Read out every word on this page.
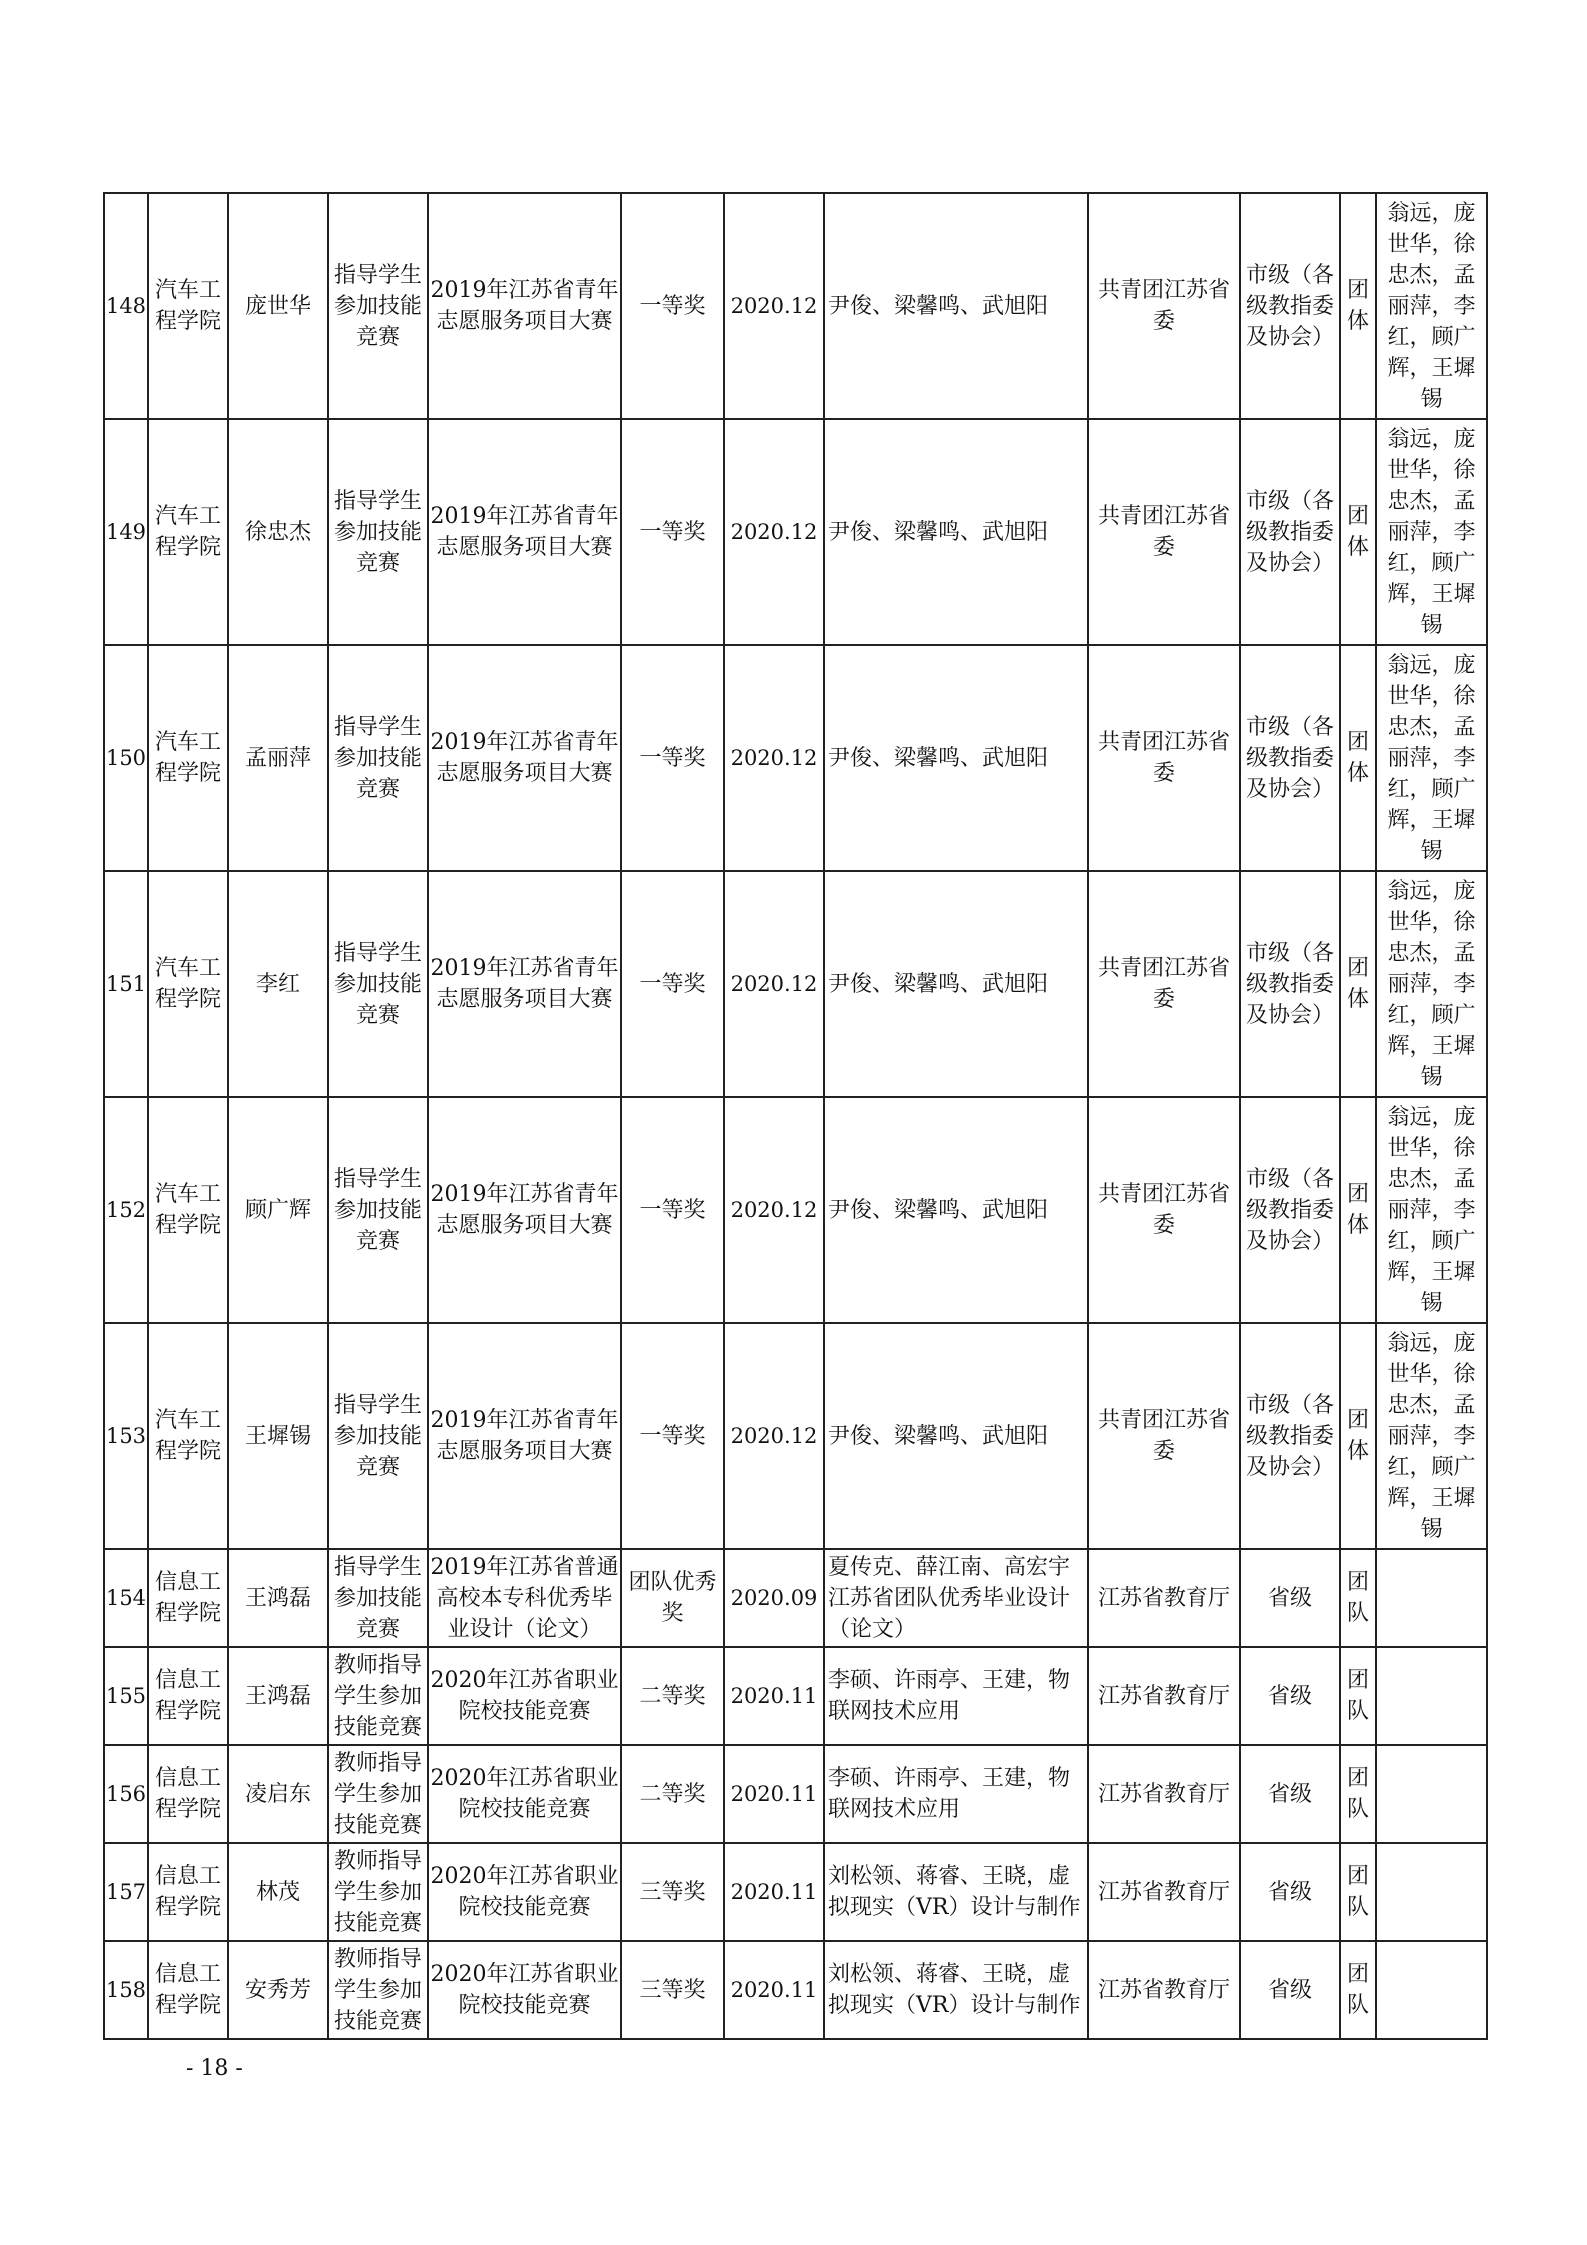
148	汽车工程学院	庞世华	指导学生参加技能竞赛	2019年江苏省青年志愿服务项目大赛	一等奖	2020.12	尹俊、梁馨鸣、武旭阳	共青团江苏省委	市级（各级教指委及协会）	团体	翁远，庞世华，徐忠杰，孟丽萍，李红，顾广辉，王墀锡
149	汽车工程学院	徐忠杰	指导学生参加技能竞赛	2019年江苏省青年志愿服务项目大赛	一等奖	2020.12	尹俊、梁馨鸣、武旭阳	共青团江苏省委	市级（各级教指委及协会）	团体	翁远，庞世华，徐忠杰，孟丽萍，李红，顾广辉，王墀锡
150	汽车工程学院	孟丽萍	指导学生参加技能竞赛	2019年江苏省青年志愿服务项目大赛	一等奖	2020.12	尹俊、梁馨鸣、武旭阳	共青团江苏省委	市级（各级教指委及协会）	团体	翁远，庞世华，徐忠杰，孟丽萍，李红，顾广辉，王墀锡
151	汽车工程学院	李红	指导学生参加技能竞赛	2019年江苏省青年志愿服务项目大赛	一等奖	2020.12	尹俊、梁馨鸣、武旭阳	共青团江苏省委	市级（各级教指委及协会）	团体	翁远，庞世华，徐忠杰，孟丽萍，李红，顾广辉，王墀锡
152	汽车工程学院	顾广辉	指导学生参加技能竞赛	2019年江苏省青年志愿服务项目大赛	一等奖	2020.12	尹俊、梁馨鸣、武旭阳	共青团江苏省委	市级（各级教指委及协会）	团体	翁远，庞世华，徐忠杰，孟丽萍，李红，顾广辉，王墀锡
153	汽车工程学院	王墀锡	指导学生参加技能竞赛	2019年江苏省青年志愿服务项目大赛	一等奖	2020.12	尹俊、梁馨鸣、武旭阳	共青团江苏省委	市级（各级教指委及协会）	团体	翁远，庞世华，徐忠杰，孟丽萍，李红，顾广辉，王墀锡
154	信息工程学院	王鸿磊	指导学生参加技能竞赛	2019年江苏省普通高校本专科优秀毕业设计（论文）	团队优秀奖	2020.09	夏传克、薛江南、高宏宇江苏省团队优秀毕业设计（论文）	江苏省教育厅	省级	团队	
155	信息工程学院	王鸿磊	教师指导学生参加技能竞赛	2020年江苏省职业院校技能竞赛	二等奖	2020.11	李硕、许雨亭、王建，物联网技术应用	江苏省教育厅	省级	团队	
156	信息工程学院	凌启东	教师指导学生参加技能竞赛	2020年江苏省职业院校技能竞赛	二等奖	2020.11	李硕、许雨亭、王建，物联网技术应用	江苏省教育厅	省级	团队	
157	信息工程学院	林茂	教师指导学生参加技能竞赛	2020年江苏省职业院校技能竞赛	三等奖	2020.11	刘松领、蒋睿、王晓，虚拟现实（VR）设计与制作	江苏省教育厅	省级	团队	
158	信息工程学院	安秀芳	教师指导学生参加技能竞赛	2020年江苏省职业院校技能竞赛	三等奖	2020.11	刘松领、蒋睿、王晓，虚拟现实（VR）设计与制作	江苏省教育厅	省级	团队	
- 18 -
